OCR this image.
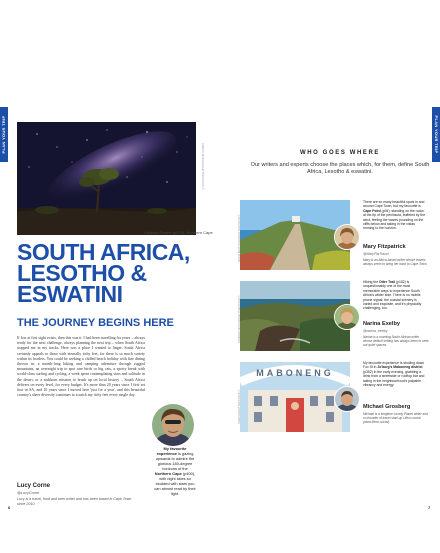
PLAN YOUR TRIP	PLAN YOUR TRIP
Kalahari Desert (p425), Northern Cape
ADRIAN MORGAN/SHUTTERSTOCK ©
SOUTH AFRICA,
LESOTHO &
ESWATINI
THE JOURNEY BEGINS HERE
If low at first sight exists, then this was it. I had been travelling for years – always ready for the next challenge, always planning the next trip – when South Africa stopped me in my tracks. Here was a place I wanted to linger. South Africa certainly appeals to those with eternally itchy feet, for there is so much variety within its borders. You could be seeking a chilled beach holiday with fine dining thrown in, a month-long hiking and camping adventure through rugged mountains, an overnight trip to spot rare birds or big cats, a sporty break with world-class surfing and cycling, a week spent contemplating stars and solitude in the desert, or a stubborn mission to brush up on local history – South Africa delivers on every level, for every budget. It's more than 20 years since I first set foot in SA, and 10 years since I moved here 'just for a year', and this beautiful country's sheer diversity continues to scratch my itchy feet every single day.
Lucy Corne
@LucyCorne
Lucy is a travel, food and beer writer and has been based in Cape Town since 2010.
My favourite experience is gazing upwards to admire the glorious 180-degree horizons of the Northern Cape (p400), with night skies so studded with stars you can almost read by their light.
6	7
WHO GOES WHERE
Our writers and experts choose the places which, for them, define South Africa, Lesotho & eswatini.
MARIA KRAYNOVA/SHUTTERSTOCK ©
There are so many beautiful spots in and around Cape Town, but my favourite is Cape Point (p94): standing on the rocks at the tip of the peninsula, buffeted by the wind, feeling the waves pounding on the cliffs below and taking in the vistas running to the horizon.
Mary Fitzpatrick
@MaryFitzTravel
Mary is an Africa-based writer whose travels always seem to bring her back to Cape Town.
ANDREW MCINNIS/SHUTTERSTOCK ©
Hiking the Otter Trail (p182) is unquestionably one of the most memorable ways to experience South Africa's wilder side. There is no mobile phone signal; the coastal scenery is varied and exquisite, and it's physically challenging, too.
Narina Exelby
@narina_exelby
Narina is a roaming South African writer whose default setting has always been to seek out quiet spaces.
MABONENG
NAKUNI/SHUTTERSTOCK ©
My favourite experience is strolling down Fox St in Jo'burg's Maboneng district (p352) in the early evening, grabbing a drink from a streetside or rooftop bar and taking in the neighbourhood's palpable vibrancy and energy.
Michael Grosberg
Michael is a longtime Lonely Planet writer and co-founder of travel start-up Lifeco.social (www.lifeco.social).
